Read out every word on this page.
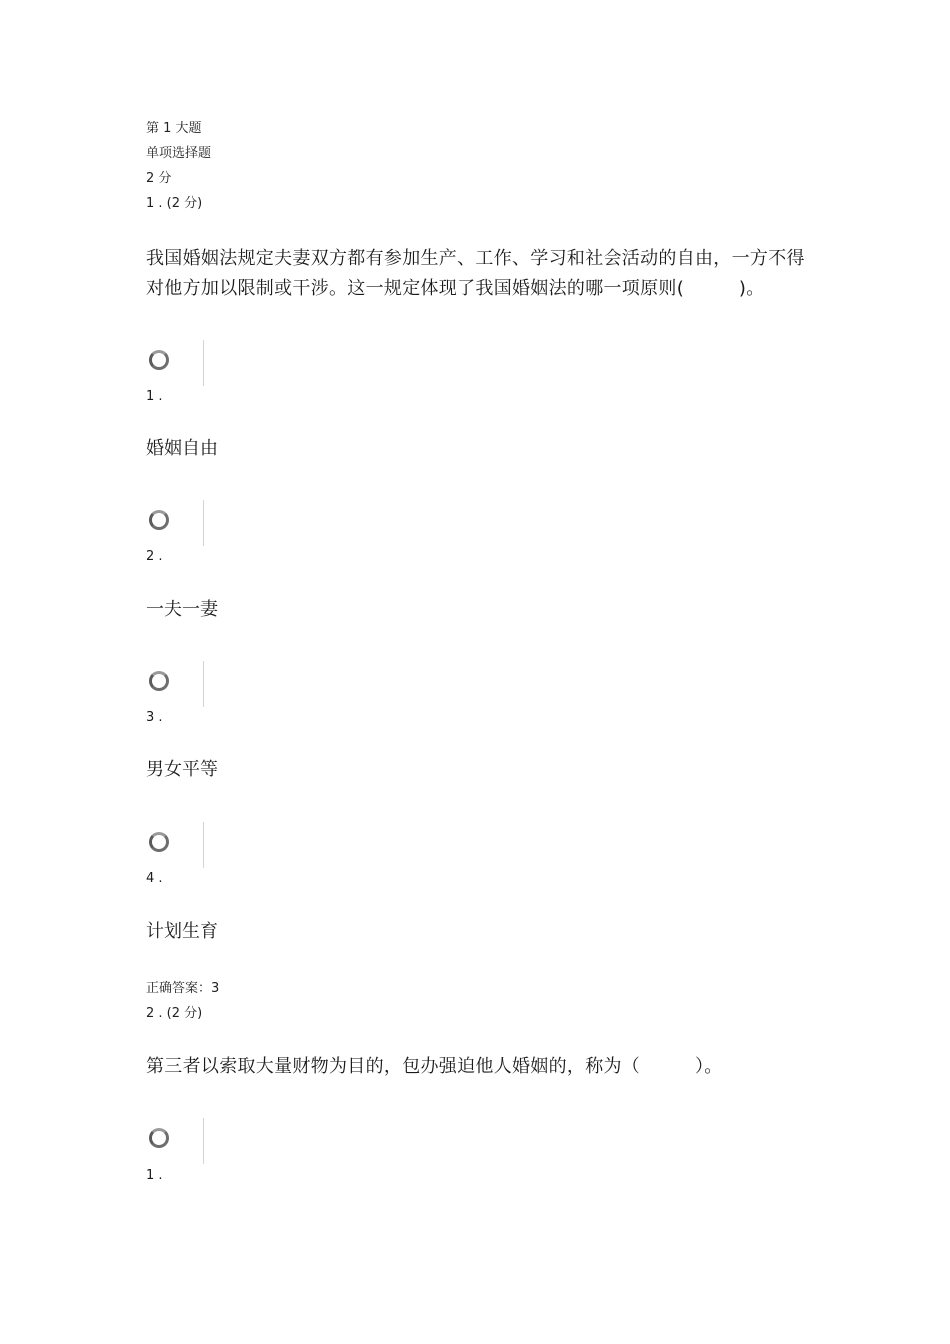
第 1 大题
单项选择题
2 分
1 . (2 分)
我国婚姻法规定夫妻双方都有参加生产、工作、学习和社会活动的自由，一方不得对他方加以限制或干涉。这一规定体现了我国婚姻法的哪一项原则(　　　)。
1 .
婚姻自由
2 .
一夫一妻
3 .
男女平等
4 .
计划生育
正确答案：3
2 . (2 分)
第三者以索取大量财物为目的，包办强迫他人婚姻的，称为（　　　）。
1 .
